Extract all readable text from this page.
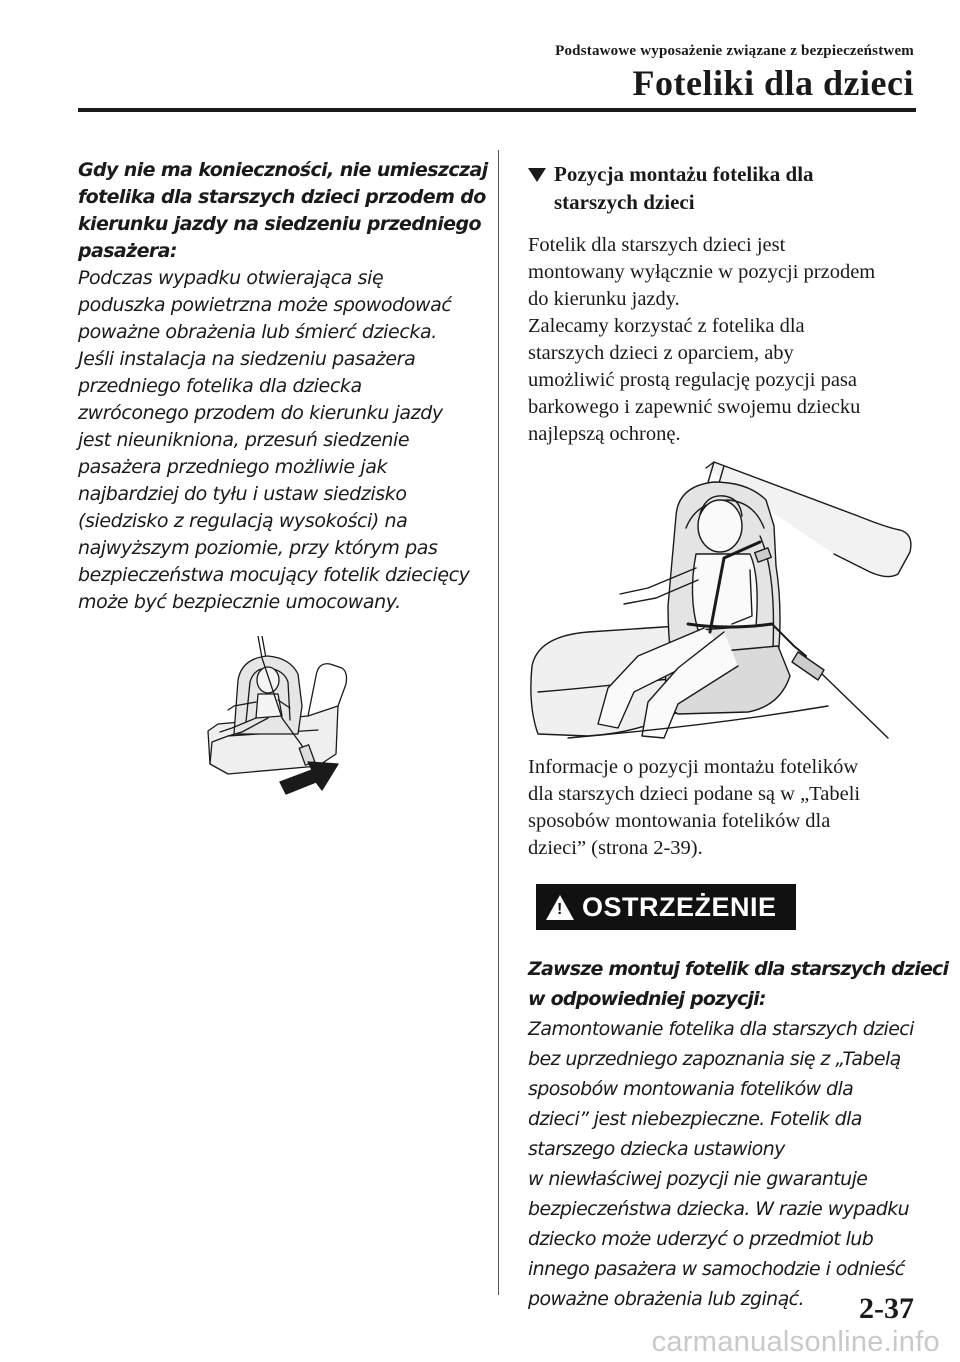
Podstawowe wyposażenie związane z bezpieczeństwem
Foteliki dla dzieci
Gdy nie ma konieczności, nie umieszczaj
fotelika dla starszych dzieci przodem do
kierunku jazdy na siedzeniu przedniego
pasażera:
Podczas wypadku otwierająca się
poduszka powietrzna może spowodować
poważne obrażenia lub śmierć dziecka.
Jeśli instalacja na siedzeniu pasażera
przedniego fotelika dla dziecka
zwróconego przodem do kierunku jazdy
jest nieunikniona, przesuń siedzenie
pasażera przedniego możliwie jak
najbardziej do tyłu i ustaw siedzisko
(siedzisko z regulacją wysokości) na
najwyższym poziomie, przy którym pas
bezpieczeństwa mocujący fotelik dziecięcy
może być bezpiecznie umocowany.
Pozycja montażu fotelika dla
starszych dzieci
Fotelik dla starszych dzieci jest
montowany wyłącznie w pozycji przodem
do kierunku jazdy.
Zalecamy korzystać z fotelika dla
starszych dzieci z oparciem, aby
umożliwić prostą regulację pozycji pasa
barkowego i zapewnić swojemu dziecku
najlepszą ochronę.
Informacje o pozycji montażu fotelików
dla starszych dzieci podane są w „Tabeli
sposobów montowania fotelików dla
dzieci” (strona 2-39).
! OSTRZEŻENIE
Zawsze montuj fotelik dla starszych dzieci
w odpowiedniej pozycji:
Zamontowanie fotelika dla starszych dzieci
bez uprzedniego zapoznania się z „Tabelą
sposobów montowania fotelików dla
dzieci” jest niebezpieczne. Fotelik dla
starszego dziecka ustawiony
w niewłaściwej pozycji nie gwarantuje
bezpieczeństwa dziecka. W razie wypadku
dziecko może uderzyć o przedmiot lub
innego pasażera w samochodzie i odnieść
poważne obrażenia lub zginąć.	2-37
carmanualsonline.info
